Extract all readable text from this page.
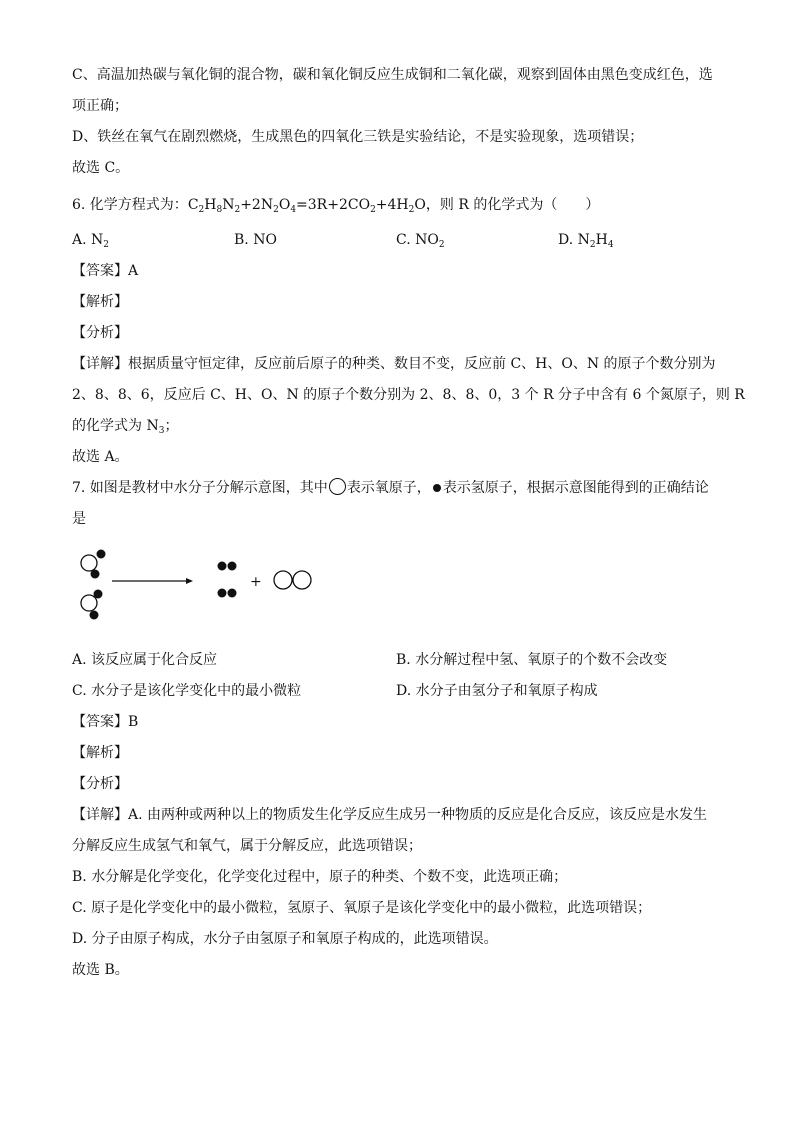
C、高温加热碳与氧化铜的混合物，碳和氧化铜反应生成铜和二氧化碳，观察到固体由黑色变成红色，选
项正确；
D、铁丝在氧气在剧烈燃烧，生成黑色的四氧化三铁是实验结论，不是实验现象，选项错误；
故选 C。
6. 化学方程式为：$C_2H_8N_2+2N_2O_4=3R+2CO_2+4H_2O$，则 R 的化学式为（　　）
A. $N_2$	B. NO	C. $NO_2$	D. $N_2H_4$
【答案】A
【解析】
【分析】
【详解】根据质量守恒定律，反应前后原子的种类、数目不变，反应前 C、H、O、N 的原子个数分别为
2、8、8、6，反应后 C、H、O、N 的原子个数分别为 2、8、8、0，3 个 R 分子中含有 6 个氮原子，则 R
的化学式为 $N_3$；
故选 A。
7. 如图是教材中水分子分解示意图，其中 表示氧原子， 表示氢原子，根据示意图能得到的正确结论
是
+
A. 该反应属于化合反应	B. 水分解过程中氢、氧原子的个数不会改变
C. 水分子是该化学变化中的最小微粒	D. 水分子由氢分子和氧原子构成
【答案】B
【解析】
【分析】
【详解】A. 由两种或两种以上的物质发生化学反应生成另一种物质的反应是化合反应，该反应是水发生
分解反应生成氢气和氧气，属于分解反应，此选项错误；
B. 水分解是化学变化，化学变化过程中，原子的种类、个数不变，此选项正确；
C. 原子是化学变化中的最小微粒，氢原子、氧原子是该化学变化中的最小微粒，此选项错误；
D. 分子由原子构成，水分子由氢原子和氧原子构成的，此选项错误。
故选 B。
